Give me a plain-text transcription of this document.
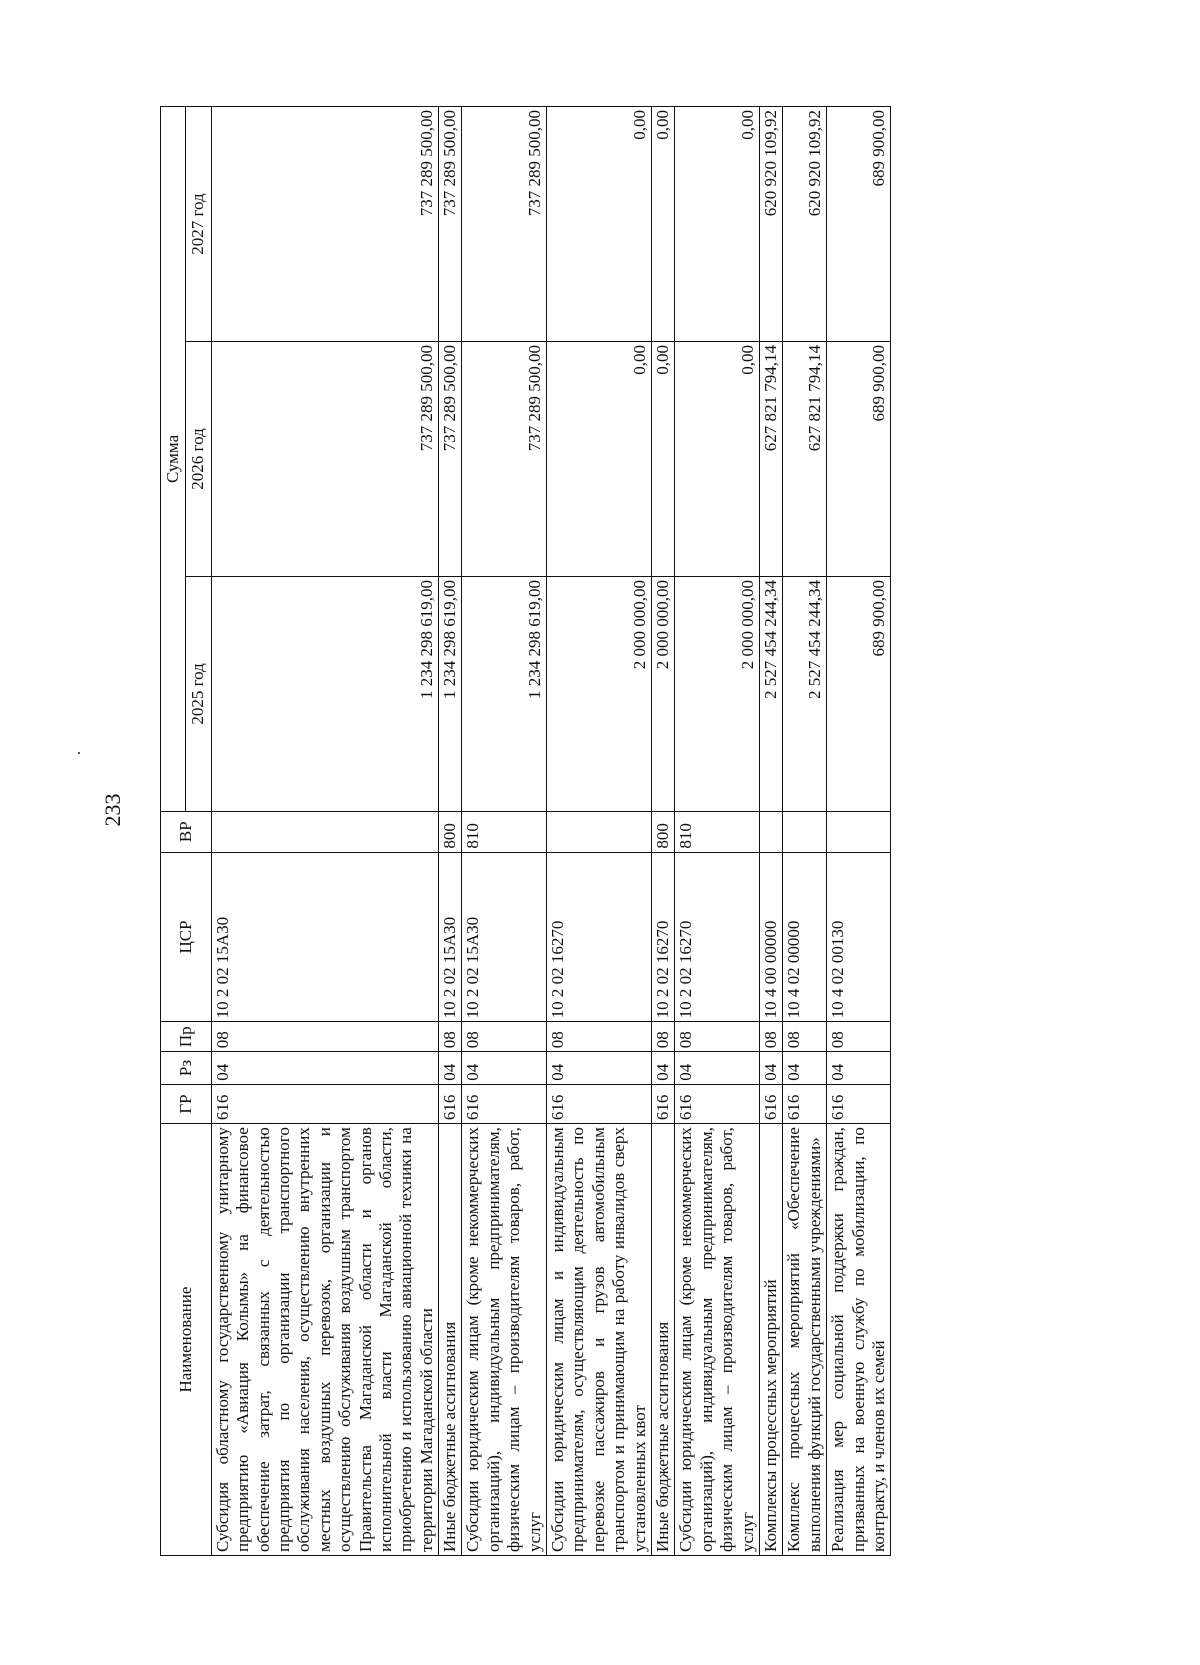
233
Наименование	ГР	Рз	Пр	ЦСР	ВР	Сумма		
						2025 год	2026 год	2027 год
Субсидия областному государственному унитарному предприятию «Авиация Колымы» на финансовое обеспечение затрат, связанных с деятельностью предприятия по организации транспортного обслуживания населения, осуществлению внутренних местных воздушных перевозок, организации и осуществлению обслуживания воздушным транспортом Правительства Магаданской области и органов исполнительной власти Магаданской области, приобретению и использованию авиационной техники на территории Магаданской области	616	04	08	10 2 02 15А30		1 234 298 619,00	737 289 500,00	737 289 500,00
Иные бюджетные ассигнования	616	04	08	10 2 02 15А30	800	1 234 298 619,00	737 289 500,00	737 289 500,00
Субсидии юридическим лицам (кроме некоммерческих организаций), индивидуальным предпринимателям, физическим лицам – производителям товаров, работ, услуг	616	04	08	10 2 02 15А30	810	1 234 298 619,00	737 289 500,00	737 289 500,00
Субсидии юридическим лицам и индивидуальным предпринимателям, осуществляющим деятельность по перевозке пассажиров и грузов автомобильным транспортом и принимающим на работу инвалидов сверх установленных квот	616	04	08	10 2 02 16270		2 000 000,00	0,00	0,00
Иные бюджетные ассигнования	616	04	08	10 2 02 16270	800	2 000 000,00	0,00	0,00
Субсидии юридическим лицам (кроме некоммерческих организаций), индивидуальным предпринимателям, физическим лицам – производителям товаров, работ, услуг	616	04	08	10 2 02 16270	810	2 000 000,00	0,00	0,00
Комплексы процессных мероприятий	616	04	08	10 4 00 00000		2 527 454 244,34	627 821 794,14	620 920 109,92
Комплекс процессных мероприятий «Обеспечение выполнения функций государственными учреждениями»	616	04	08	10 4 02 00000		2 527 454 244,34	627 821 794,14	620 920 109,92
Реализация мер социальной поддержки граждан, призванных на военную службу по мобилизации, по контракту, и членов их семей	616	04	08	10 4 02 00130		689 900,00	689 900,00	689 900,00
